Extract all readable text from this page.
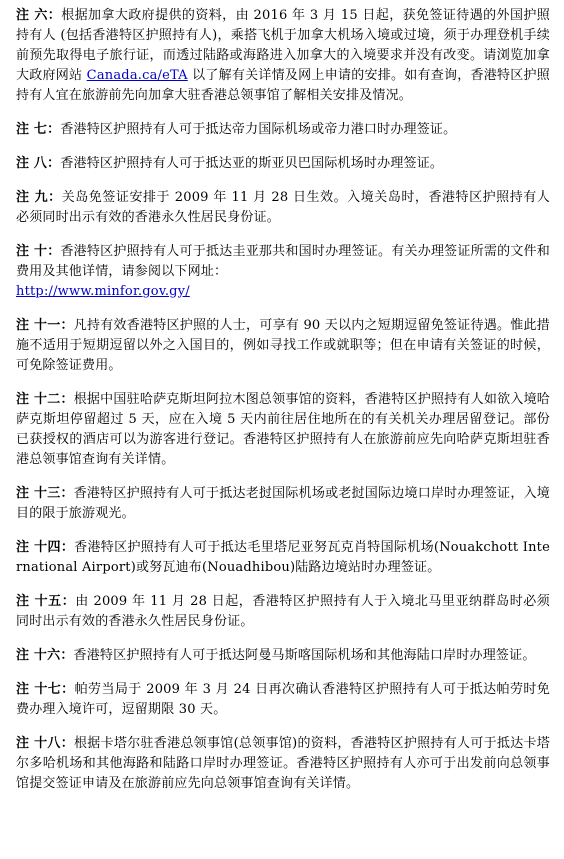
注 六：根据加拿大政府提供的资料，由 2016 年 3 月 15 日起，获免签证待遇的外国护照持有人 (包括香港特区护照持有人)，乘搭飞机于加拿大机场入境或过境，须于办理登机手续前预先取得电子旅行证，而透过陆路或海路进入加拿大的入境要求并没有改变。请浏览加拿大政府网站 Canada.ca/eTA 以了解有关详情及网上申请的安排。如有查询，香港特区护照持有人宜在旅游前先向加拿大驻香港总领事馆了解相关安排及情况。

注 七：香港特区护照持有人可于抵达帝力国际机场或帝力港口时办理签证。

注 八：香港特区护照持有人可于抵达亚的斯亚贝巴国际机场时办理签证。

注 九：关岛免签证安排于 2009 年 11 月 28 日生效。入境关岛时，香港特区护照持有人必须同时出示有效的香港永久性居民身份证。

注 十：香港特区护照持有人可于抵达圭亚那共和国时办理签证。有关办理签证所需的文件和费用及其他详情，请参阅以下网址：
http://www.minfor.gov.gy/

注 十一：凡持有效香港特区护照的人士，可享有 90 天以内之短期逗留免签证待遇。惟此措施不适用于短期逗留以外之入国目的，例如寻找工作或就职等；但在申请有关签证的时候，可免除签证费用。

注 十二：根据中国驻哈萨克斯坦阿拉木图总领事馆的资料，香港特区护照持有人如欲入境哈萨克斯坦停留超过 5 天，应在入境 5 天内前往居住地所在的有关机关办理居留登记。部份已获授权的酒店可以为游客进行登记。香港特区护照持有人在旅游前应先向哈萨克斯坦驻香港总领事馆查询有关详情。

注 十三：香港特区护照持有人可于抵达老挝国际机场或老挝国际边境口岸时办理签证，入境目的限于旅游观光。

注 十四：香港特区护照持有人可于抵达毛里塔尼亚努瓦克肖特国际机场(Nouakchott International Airport)或努瓦迪布(Nouadhibou)陆路边境站时办理签证。

注 十五：由 2009 年 11 月 28 日起，香港特区护照持有人于入境北马里亚纳群岛时必须同时出示有效的香港永久性居民身份证。

注 十六：香港特区护照持有人可于抵达阿曼马斯喀国际机场和其他海陆口岸时办理签证。

注 十七：帕劳当局于 2009 年 3 月 24 日再次确认香港特区护照持有人可于抵达帕劳时免费办理入境许可，逗留期限 30 天。

注 十八：根据卡塔尔驻香港总领事馆(总领事馆)的资料，香港特区护照持有人可于抵达卡塔尔多哈机场和其他海路和陆路口岸时办理签证。香港特区护照持有人亦可于出发前向总领事馆提交签证申请及在旅游前应先向总领事馆查询有关详情。
